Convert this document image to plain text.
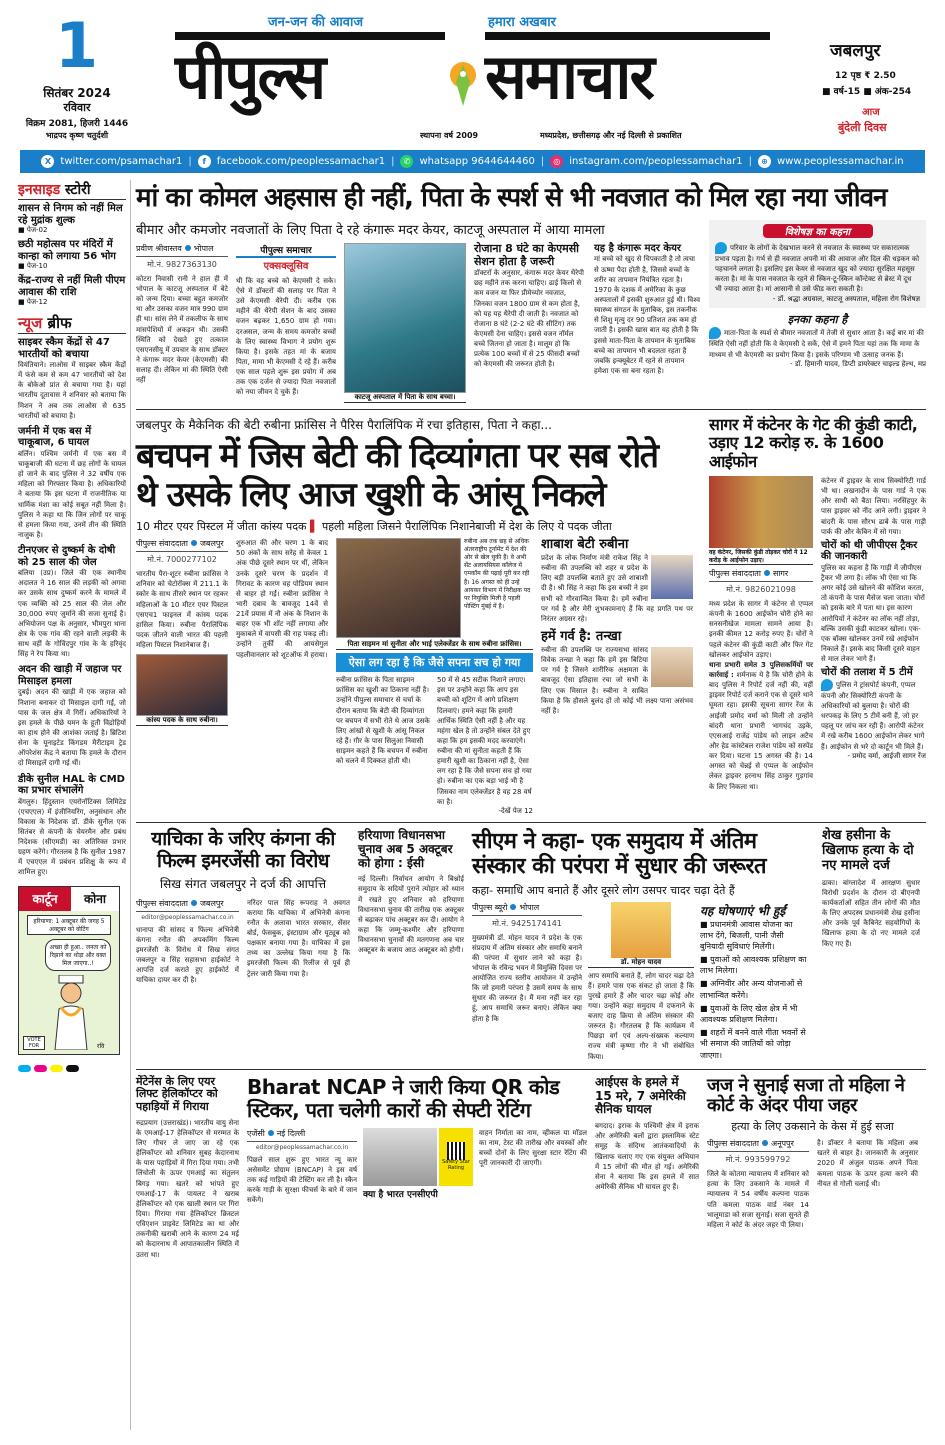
1
सितंबर 2024
रविवार
विक्रम 2081, हिजरी 1446
भाद्रपद कृष्ण चतुर्दशी
जन-जन की आवाज	हमारा अखबार
पीपुल्स	समाचार
स्थापना वर्ष 2009	मध्यप्रदेश, छत्तीसगढ़ और नई दिल्ली से प्रकाशित
जबलपुर
12 पृष्ठ ₹ 2.50
■ वर्ष-15 ■ अंक-254
आज
बुंदेली दिवस
X twitter.com/psamachar1 |	f	facebook.com/peoplessamachar1 |	✆ whatsapp 9644644460 |	◎ instagram.com/peoplessamachar1 |	⊕ www.peoplessamachar.in
इनसाइड स्टोरी
शासन से निगम को नहीं मिल रहे मुद्रांक शुल्क
■ पेज-02
छठी महोत्सव पर मंदिरों में कान्हा को लगाया 56 भोग
■ पेज-10
केंद्र-राज्य से नहीं मिली पीएम आवास की राशि
■ पेज-12
न्यूज ब्रीफ
साइबर स्कैम केंद्रों से 47 भारतीयों को बचाया
वियंतियाने। लाओस में साइबर स्कैम केंद्रों में फंसे कम से कम 47 भारतीयों को देश के बोकेओ प्रांत से बचाया गया है। यहां भारतीय दूतावास ने शनिवार को बताया कि मिशन ने अब तक लाओस से 635 भारतीयों को बचाया है।
जर्मनी में एक बस में चाकूबाज, 6 घायल
बर्लिन। पश्चिम जर्मनी में एक बस में चाकूबाजी की घटना में छह लोगों के घायल हो जाने के बाद पुलिस ने 32 वर्षीय एक महिला को गिरफ्तार किया है। अधिकारियों ने बताया कि इस घटना में राजनीतिक या धार्मिक मंशा का कोई सबूत नहीं मिला है। पुलिस ने कहा था कि जिन लोगों पर चाकू से हमला किया गया, उनमें तीन की स्थिति नाजुक है।
टीनएजर से दुष्कर्म के दोषी को 25 साल की जेल
बलिया (उप्र)। जिले की एक स्थानीय अदालत ने 16 साल की लड़की को अगवा कर उसके साथ दुष्कर्म करने के मामले में एक व्यक्ति को 25 साल की जेल और 30,000 रुपए जुर्माने की सजा सुनाई है। अभियोजन पक्ष के अनुसार, भीमपुरा थाना क्षेत्र के एक गांव की रहने वाली लड़की के साथ वहीं के गोविंदपुर गांव के के हरिवृंद सिंह ने रेप किया था।
अदन की खाड़ी में जहाज पर मिसाइल हमला
दुबई। अदन की खाड़ी में एक जहाज को निशाना बनाकर दो मिसाइल दागी गईं, जो पास के जल क्षेत्र में गिरीं। अधिकारियों ने इस हमले के पीछे यमन के हूती विद्रोहियों का हाथ होने की आशंका जताई है। ब्रिटिश सेना के यूनाइटेड किंगडम मैरीटाइम ट्रेड ऑपरेशंस केंद्र ने बताया कि हमले के दौरान दो मिसाइलें दागी गई थीं।
डीके सुनील HAL के CMD का प्रभार संभालेंगे
बेंगलुरु। हिंदुस्तान एयरोनॉटिक्स लिमिटेड (एचएएल) में इंजीनियरिंग, अनुसंधान और विकास के निदेशक डॉ. डीके सुनील एक सितंबर से कंपनी के चेयरमैन और प्रबंध निदेशक (सीएमडी) का अतिरिक्त प्रभार ग्रहण करेंगे। गौरतलब है कि सुनील 1987 में एचएएल में प्रबंधन प्रशिक्षु के रूप में शामिल हुए।
कार्टून	कोना
हरियाणा: 1 अक्टूबर की जगह 5 अक्टूबर को वोटिंग
अच्छा ही हुआ.. जनता को रिझाने का थोड़ा और वक्त मिल जाएगा..!
VOTE FOR	रवि
मां का कोमल अहसास ही नहीं, पिता के स्पर्श से भी नवजात को मिल रहा नया जीवन
बीमार और कमजोर नवजातों के लिए पिता दे रहे कंगारू मदर केयर, काटजू अस्पताल में आया मामला
प्रवीण श्रीवास्तव भोपाल
मो.नं. 9827363130
कोटरा निवासी रानी ने हाल ही में भोपाल के काटजू अस्पताल में बेटे को जन्म दिया। बच्चा बहुत कमजोर था और उसका वजन मात्र 990 ग्राम ही था। सांस लेने में तकलीफ के साथ मांसपेशियों में अकड़न थी। उसकी स्थिति को देखते हुए तत्काल एसएनसीयू में उपचार के साथ डॉक्टर ने कंगारू मदर केयर (केएमसी) की सलाह दी। लेकिन मां की स्थिति ऐसी नहीं
पीपुल्स समाचार
एक्सक्लूसिव
थी कि वह बच्चे को केएमसी दे सके। ऐसे में डॉक्टरों की सलाह पर पिता ने उसे केएमसी थैरेपी दी। करीब एक महीने की थैरेपी सेशन के बाद उसका वजन बढ़कर 1,650 ग्राम हो गया। दरअसल, जन्म के समय कमजोर बच्चों के लिए स्वास्थ्य विभाग ने प्रयोग शुरू किया है। इसके तहत मां के बजाय पिता, मामा भी केएमसी दे रहे हैं। करीब एक साल पहले शुरू इस प्रयोग में अब तक एक दर्जन से ज्यादा पिता नवजातों को नया जीवन दे चुके हैं।
काटजू अस्पताल में पिता के साथ बच्चा।
रोजाना 8 घंटे का केएमसी सेशन होता है जरूरी
डॉक्टरों के अनुसार, कंगारू मदर केयर थैरेपी छह महीने तक करना चाहिए। ढाई किलो से कम वजन या फिर प्रीमेच्योर नवजात, जिनका वजन 1800 ग्राम से कम होता है, को यह यह थैरेपी दी जाती है। नवजात को रोजाना 8 घंटे (2-2 घंटे की सीटिंग) तक केएमसी देना चाहिए। इससे वजन नॉर्मल बच्चे जितना हो जाता है। मालूम हो कि प्रत्येक 100 बच्चों में से 25 फीसदी बच्चों को केएमसी की जरूरत होती है।
यह है कंगारू मदर केयर
मां बच्चे को खुद से चिपकाती है तो त्वचा से ऊष्मा पैदा होती है, जिससे बच्चों के शरीर का तापमान नियंत्रित रहता है। 1970 के दशक में अमेरिका के कुछ अस्पतालों में इसकी शुरुआत हुई थी। विश्व स्वास्थ्य संगठन के मुताबिक, इस तकनीक से शिशु मृत्यु दर 90 प्रतिशत तक कम हो जाती है। इसकी खास बात यह होती है कि इससे माता-पिता के तापमान के मुताबिक बच्चे का तापमान भी बदलता रहता है जबकि इन्क्यूबेटर में रहने से तापमान हमेशा एक सा बना रहता है।
विशेषज्ञ का कहना
परिवार के लोगों के देखभाल करने से नवजात के स्वास्थ्य पर सकारात्मक प्रभाव पड़ता है। गर्भ से ही नवजात अपनी मां की आवाज और दिल की धड़कन को पहचानने लगता है। इसलिए इस केयर से नवजात खुद को ज्यादा सुरक्षित महसूस करता है। मां के पास नवजात के रहने से स्किन-टू-स्किन कॉन्टेक्ट से ब्रेस्ट में दूध भी ज्यादा आता है। मां आसानी से उसे फीड करा सकती है।
- डॉ. श्रद्धा अग्रवाल, काटजू अस्पताल, महिला रोग विशेषज्ञ
इनका कहना है
माता-पिता के स्पर्श से बीमार नवजातों में तेजी से सुधार आता है। कई बार मां की स्थिति ऐसी नहीं होती कि वे केएमसी दे सकें, ऐसे में हमने पिता यहां तक कि मामा के माध्यम से भी केएमसी का प्रयोग किया है। इसके परिणाम भी उत्साह जनक हैं।
- डॉ. हिमानी यादव, डिप्टी डायरेक्टर चाइल्ड हेल्थ, मप्र
जबलपुर के मैकेनिक की बेटी रुबीना फ्रांसिस ने पैरिस पैरालिंपिक में रचा इतिहास, पिता ने कहा...
बचपन में जिस बेटी की दिव्यांगता पर सब रोते
थे उसके लिए आज खुशी के आंसू निकले
10 मीटर एयर पिस्टल में जीता कांस्य पदक ▌ पहली महिला जिसने पैरालिंपिक निशानेबाजी में देश के लिए ये पदक जीता
पीपुल्स संवाददाता जबलपुर
मो.नं. 7000277102
भारतीय पैरा-शूटर रुबीना फ्रांसिस ने शनिवार को चेटोरॉक्स में 211.1 के स्कोर के साथ तीसरे स्थान पर रहकर महिलाओं के 10 मीटर एयर पिस्टल एसएच1 फाइनल में कांस्य पदक हासिल किया। रुबीना पैरालिंपिक पदक जीतने वाली भारत की पहली महिला पिस्टल निशानेबाज हैं।
कांस्य पदक के साथ रुबीना।
शुरुआत की और चरण 1 के बाद 50 अंकों के साथ सरेह से केवल 1 अंक पीछे दूसरे स्थान पर थीं, लेकिन उनके दूसरे चरण के प्रदर्शन में गिरावट के कारण वह पोडियम स्थान से बाहर हो गईं। रुबीना फ्रांसिस ने भारी दबाव के बावजूद 14वें से 21वें प्रयास में नौ अंक के निशान के बाहर एक भी शॉट नहीं लगाया और मुकाबले में वापसी की राह पकड़ ली। उन्होंने तुर्की की आयसेगुल पहलीवानलार को शूटऑफ में हराया।
रुबीना अब तक छह से अधिक अंतरराष्ट्रीय टूर्नामेंट में देश की ओर से खेल चुकी हैं। वे अभी सेंट अलायसियस कॉलेज में एमकॉम की पढ़ाई पूरी कर रही हैं। 16 अगस्त को ही उन्हें आयकर विभाग में निरीक्षक पद पर नियुक्ति मिली है पहली पोस्टिंग मुंबई में है।
पिता साइमन मां सुनीता और भाई एलेक्जेंडर के साथ रुबीना फ्रांसिस।
ऐसा लग रहा है कि जैसे सपना सच हो गया
रुबीना फ्रांसिस के पिता साइमन फ्रांसिस का खुशी का ठिकाना नहीं है। उन्होंने पीपुल्स समाचार से चर्चा के दौरान बताया कि बेटी की दिव्यांगता पर बचपन में सभी रोते थे आज उसके लिए आंखों से खुशी के आंसू निकल रहे हैं। गौर के पास सिलुआ निवासी साइमन कहते हैं कि बचपन में रुबीना को चलने में दिक्कत होती थी।
50 में से 45 सटीक निशाने लगाए। इस पर उन्होंने कहा कि आप इस बच्ची को शूटिंग में आगे प्रशिक्षण दिलवाएं। हमने कहा कि हमारी आर्थिक स्थिति ऐसी नहीं है और यह महंगा खेल है तो उन्होंने संबल देते हुए कहा कि हम इसकी मदद करवाएंगे। रुबीना की मां सुनीता कहती हैं कि हमारी खुशी का ठिकाना नहीं है, ऐसा लग रहा है कि जैसे सपना सच हो गया हो। रुबीना का एक बड़ा भाई भी है जिसका नाम एलेक्जेंडर है वह 28 वर्ष का है।
-देखें पेज 12
शाबाश बेटी रुबीना
प्रदेश के लोक निर्माण मंत्री राकेश सिंह ने रुबीना की उपलब्धि को शहर व प्रदेश के लिए बड़ी उपलब्धि बताते हुए उसे शाबाशी दी है। श्री सिंह ने कहा कि इस बच्ची ने हम सभी को गौरवान्वित किया है। हमें रुबीना पर गर्व है और मेरी शुभकामनाएं हैं कि वह प्रगति पथ पर निरंतर अग्रसर रहे।
हमें गर्व है: तन्खा
रुबीना की उपलब्धि पर राज्यसभा सांसद विवेक तन्खा ने कहा कि हमें इस बिटिया पर गर्व है जिसने शारीरिक अक्षमता के बावजूद ऐसा इतिहास रचा जो सभी के लिए एक मिसाल है। रुबीना ने साबित किया है कि हौसले बुलंद हों तो कोई भी लक्ष्य पाना असंभव नहीं है।
सागर में कंटेनर के गेट की कुंडी काटी, उड़ाए 12 करोड़ रु. के 1600 आईफोन
वह कंटेनर, जिसकी कुंडी तोड़कर चोरों ने 12 करोड़ के आईफोन उड़ाए।
पीपुल्स संवाददाता सागर
मो.नं. 9826021098
मध्य प्रदेश के सागर में कंटेनर से एप्पल कंपनी के 1600 आईफोन चोरी होने का सनसनीखेज मामला सामने आया है। इनकी कीमत 12 करोड़ रुपए है। चोरों ने पहले कंटेनर की कुंडी काटी और फिर गेट खोलकर आईफोन उड़ाए।
थाना प्रभारी समेत 3 पुलिसकर्मियों पर कार्रवाई : शर्मनाक ये है कि चोरी होने के बाद पुलिस ने रिपोर्ट दर्ज नहीं की, वहीं ड्राइवर रिपोर्ट दर्ज कराने एक से दूसरे थाने घूमता रहा। इसकी सूचना सागर रेंज के आईजी प्रमोद वर्मा को मिली तो उन्होंने बांदरी थाना प्रभारी भागचंद उइके, एएसआई राजेंद्र पांडेय को लाइन अटैच और हेड कांस्टेबल राजेश पांडेय को सस्पेंड कर दिया। घटना 15 अगस्त की है। 14 अगस्त को चेन्नई से एप्पल के आईफोन लेकर ड्राइवर हरनाथ सिंह ठाकुर गुड़गांव के लिए निकला था।
कंटेनर में ड्राइवर के साथ सिक्योरिटी गार्ड भी था। लखनादौन के पास गार्ड ने एक और साथी को बैठा लिया। नरसिंहपुर के पास ड्राइवर को नींद आने लगी। ड्राइवर ने बांदरी के पास सौरभ ढाबे के पास गाड़ी पार्क की और केबिन में सो गया।
चोरों को थी जीपीएस ट्रैकर की जानकारी
पुलिस का कहना है कि गाड़ी में जीपीएस ट्रैकर भी लगा है। लॉक भी ऐसा था कि अगर कोई उसे खोलने की कोशिश करता, तो कंपनी के पास मैसेज चला जाता। चोरों को इसके बारे में पता था। इस कारण आरोपियों ने कंटेनर का लॉक नहीं तोड़ा, बल्कि उसकी कुंडी काटकर खोला। एक-एक बॉक्स खोलकर उनमें रखे आईफोन निकाले हैं। इसके बाद किसी दूसरे वाहन से माल लेकर भागे हैं।
चोरों की तलाश में 5 टीमें
पुलिस ने ट्रांसपोर्ट कंपनी, एप्पल कंपनी और सिक्योरिटी कंपनी के अधिकारियों को बुलाया है। चोरों की धरपकड़ के लिए 5 टीमें बनी हैं, जो हर पहलू पर जांच कर रही हैं। आरोपी कंटेनर में रखे करीब 1600 आईफोन लेकर भागे हैं। आईफोन से भरे दो कार्टून भी मिले हैं।
- प्रमोद वर्मा, आईजी सागर रेंज
याचिका के जरिए कंगना की फिल्म इमरजेंसी का विरोध
सिख संगत जबलपुर ने दर्ज की आपत्ति
पीपुल्स संवाददाता जबलपुर
editor@peoplessamachar.co.in
धानापा की सांसद व फिल्म अभिनेत्री कंगना रनौत की अपकमिंग फिल्म इमरजेंसी के विरोध में सिख संगत जबलपुर व सिंह सहासभा हाईकोर्ट ने आपत्ति दर्ज कराते हुए हाईकोर्ट में याचिका दायर कर दी है।
नरिंदर पाल सिंह रूपराह ने अवगत कराया कि याचिका में अभिनेत्री कंगना रनौत के अलावा भारत सरकार, सेंसर बोर्ड, फेसबुक, इंस्टाग्राम और यूट्यूब को पक्षकार बनाया गया है। याचिका में इस तथ्य का उल्लेख किया गया है कि इमरजेंसी फिल्म की रिलीज से पूर्व ही ट्रेलर जारी किया गया है।
हरियाणा विधानसभा चुनाव अब 5 अक्टूबर को होगा : ईसी
नई दिल्ली। निर्वाचन आयोग ने बिश्नोई समुदाय के सदियों पुराने त्योहार को ध्यान में रखते हुए शनिवार को हरियाणा विधानसभा चुनाव की तारीख एक अक्टूबर से बढ़ाकर पांच अक्टूबर कर दी। आयोग ने कहा कि जम्मू-कश्मीर और हरियाणा विधानसभा चुनावों की मतगणना अब चार अक्टूबर के बजाय आठ अक्टूबर को होगी।
सीएम ने कहा- एक समुदाय में अंतिम संस्कार की परंपरा में सुधार की जरूरत
कहा- समाधि आप बनाते हैं और दूसरे लोग उसपर चादर चढ़ा देते हैं
पीपुल्स ब्यूरो भोपाल
मो.नं. 9425174141
मुख्यमंत्री डॉ. मोहन यादव ने प्रदेश के एक संप्रदाय में अंतिम संस्कार और समाधि बनाने की परंपरा में सुधार लाने को कहा है। भोपाल के रविन्द्र भवन में विमुक्ति दिवस पर आयोजित राज्य स्तरीय आयोजन में उन्होंने कि जो हमारी परंपरा है उसमें समय के साथ सुधार की जरूरत है। मैं मना नहीं कर रहा हूं, आप समाधि जरूर बनाएं। लेकिन क्या होता है कि
डॉ. मोहन यादव
आप समाधि बनाते हैं, लोग चादर चढ़ा देते हैं। हमारे पास एक संकट हो जाता है कि पुरखे हमारे हैं और चादर चढ़ा कोई और गया। उन्होंने कहा समुदाय में दफनाने के बजाए दाह क्रिया से अंतिम संस्कार की जरूरत है। गौरतलब है कि कार्यक्रम में पिछड़ा वर्ग एवं अल्प-संख्यक कल्याण राज्य मंत्री कृष्णा गौर ने भी संबोधित किया।
यह घोषणाएं भी हुईं
■ प्रधानमंत्री आवास योजना का लाभ देंगे, बिजली, पानी जैसी बुनियादी सुविधाएं मिलेंगी।
■ युवाओं को आवश्यक प्रशिक्षण का लाभ मिलेगा।
■ अग्निवीर और अन्य योजनाओं से लाभान्वित करेंगे।
■ युवाओं के लिए खेल क्षेत्र में भी आवश्यक प्रशिक्षण मिलेगा।
■ शहरों में बनने वाले गीता भवनों से भी समाज की जातियों को जोड़ा जाएगा।
शेख हसीना के खिलाफ हत्या के दो नए मामले दर्ज
ढाका। बांग्लादेश में आरक्षण सुधार विरोधी प्रदर्शन के दौरान दो बीएनपी कार्यकर्ताओं सहित तीन लोगों की मौत के लिए अपदस्थ प्रधानमंत्री शेख हसीना और उनके पूर्व कैबिनेट सहयोगियों के खिलाफ हत्या के दो नए मामले दर्ज किए गए हैं।
मेंटेनेंस के लिए एयर लिफ्ट हेलिकॉप्टर को पहाड़ियों में गिराया
रुद्रप्रयाग (उत्तराखंड)। भारतीय वायु सेना के एमआई-17 हेलिकॉप्टर से मरम्मत के लिए गौचर ले जाए जा रहे एक हेलिकॉप्टर को शनिवार सुबह केदारनाथ के पास पहाड़ियों में गिरा दिया गया। तभी लिंचोली के ऊपर एमआई का संतुलन बिगड़ गया। खतरे को भांपते हुए एमआई-17 के पायलट ने खराब हेलिकॉप्टर को एक खाली स्थान पर गिरा दिया। गिराया गया हेलिकॉप्टर क्रिस्टल एविएशन प्राइवेट लिमिटेड का था और तकनीकी खराबी आने के कारण 24 मई को केदारनाथ में आपातकालीन स्थिति में उतरा था।
Bharat NCAP ने जारी किया QR कोड स्टिकर, पता चलेगी कारों की सेफ्टी रेटिंग
एजेंसी नई दिल्ली
editor@peoplessamachar.co.in
पिछले साल शुरू हुए भारत न्यू कार असेसमेंट प्रोग्राम (BNCAP) ने इस वर्ष तक कई गाड़ियों की टेस्टिंग कर ली है। स्कैन करके गाड़ी के सुरक्षा फीचर्स के बारे में जान सकेंगे।
Safety Star Rating
क्या है भारत एनसीएपी
वाहन निर्माता का नाम, व्हीकल या मॉडल का नाम, टेस्ट की तारीख और वयस्कों और बच्चों दोनों के लिए सुरक्षा स्टार रेटिंग की पूरी जानकारी दी जाएगी।
आईएस के हमले में 15 मरे, 7 अमेरिकी सैनिक घायल
बगदाद। इराक के पश्चिमी क्षेत्र में इराक और अमेरिकी बलों द्वारा इस्लामिक स्टेट समूह के संदिग्ध आतंकवादियों के खिलाफ चलाए गए एक संयुक्त अभियान में 15 लोगों की मौत हो गई। अमेरिकी सेना ने बताया कि इस हमले में सात अमेरिकी सैनिक भी घायल हुए हैं।
जज ने सुनाई सजा तो महिला ने कोर्ट के अंदर पीया जहर
हत्या के लिए उकसाने के केस में हुई सजा
पीपुल्स संवाददाता अनूपपुर
मो.नं. 993599792
जिले के कोतमा न्यायालय में शनिवार को हत्या के लिए उकसाने के मामले में न्यायालय ने 54 वर्षीय कल्पना पाठक पति कमला पाठक वार्ड नंबर 14 भालूमाडा को सजा सुनाई। सजा सुनते ही महिला ने कोर्ट के अंदर जहर पी लिया।
है। डॉक्टर ने बताया कि महिला अब खतरे से बाहर है। जानकारी के अनुसार 2020 में अंजुल पाठक अपने पिता कमला पाठक के ऊपर हत्या करने की नीयत से गोली चलाई थी।
